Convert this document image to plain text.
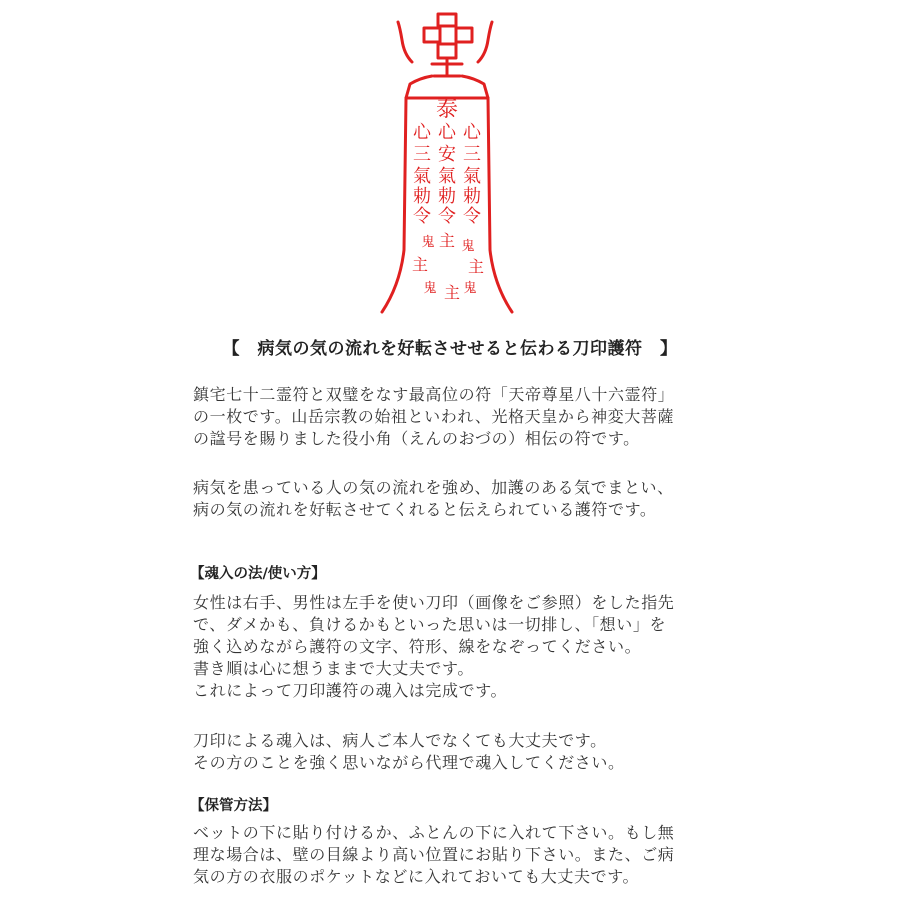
泰
心
三
氣
勅
令
心
安
氣
勅
令
心
三
氣
勅
令
主
鬼 鬼
主 主
鬼 主 鬼
【　病気の気の流れを好転させせると伝わる刀印護符　】
鎮宅七十二霊符と双璧をなす最高位の符「天帝尊星八十六霊符」
の一枚です。山岳宗教の始祖といわれ、光格天皇から神変大菩薩
の諡号を賜りました役小角（えんのおづの）相伝の符です。
病気を患っている人の気の流れを強め、加護のある気でまとい、
病の気の流れを好転させてくれると伝えられている護符です。
【魂入の法/使い方】
女性は右手、男性は左手を使い刀印（画像をご参照）をした指先
で、ダメかも、負けるかもといった思いは一切排し、「想い」を
強く込めながら護符の文字、符形、線をなぞってください。
書き順は心に想うままで大丈夫です。
これによって刀印護符の魂入は完成です。
刀印による魂入は、病人ご本人でなくても大丈夫です。
その方のことを強く思いながら代理で魂入してください。
【保管方法】
ベットの下に貼り付けるか、ふとんの下に入れて下さい。もし無
理な場合は、壁の目線より高い位置にお貼り下さい。また、ご病
気の方の衣服のポケットなどに入れておいても大丈夫です。
